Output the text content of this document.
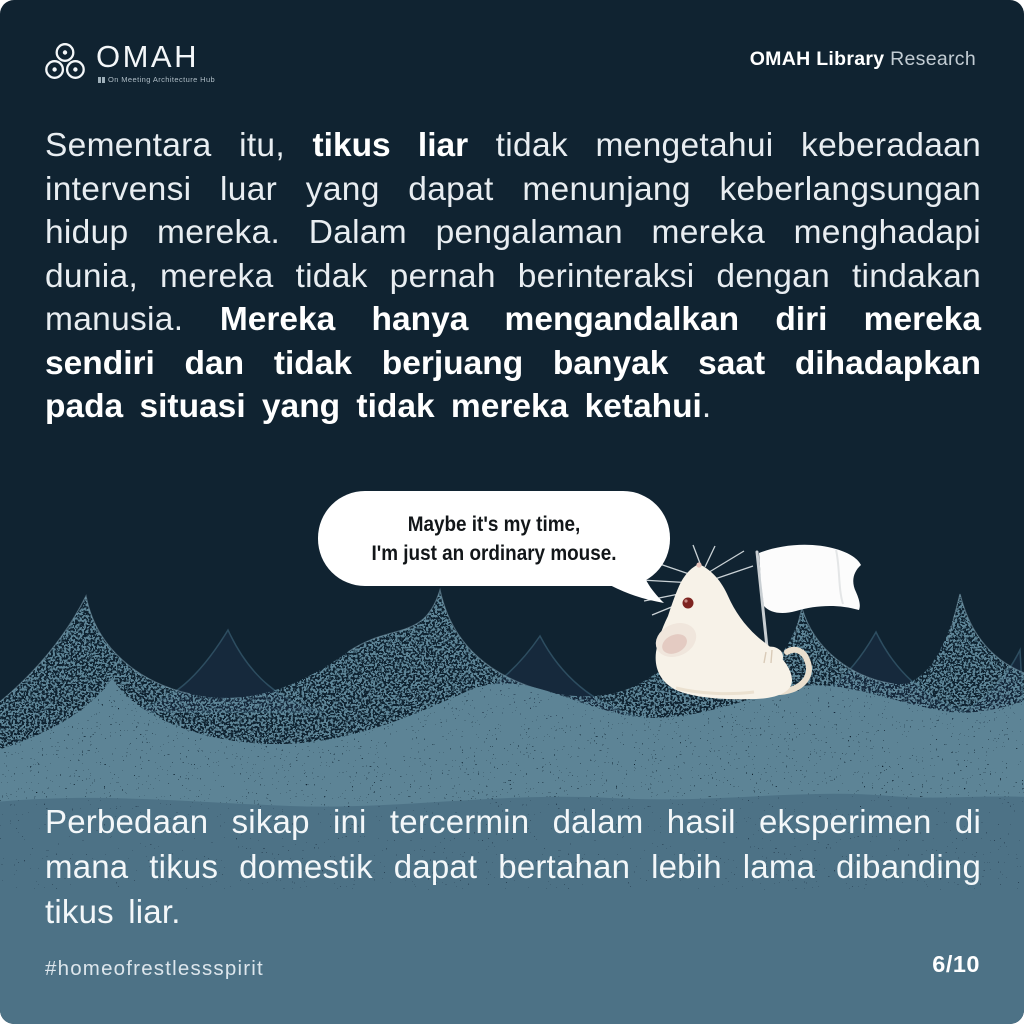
OMAH
On Meeting Architecture Hub
OMAH Library Research
Sementara itu, tikus liar tidak mengetahui keberadaan intervensi luar yang dapat menunjang keberlangsungan hidup mereka. Dalam pengalaman mereka menghadapi dunia, mereka tidak pernah berinteraksi dengan tindakan manusia. Mereka hanya mengandalkan diri mereka sendiri dan tidak berjuang banyak saat dihadapkan pada situasi yang tidak mereka ketahui.
Maybe it's my time,
I'm just an ordinary mouse.
Perbedaan sikap ini tercermin dalam hasil eksperimen di mana tikus domestik dapat bertahan lebih lama dibanding tikus liar.
#homeofrestlessspirit	6/10
